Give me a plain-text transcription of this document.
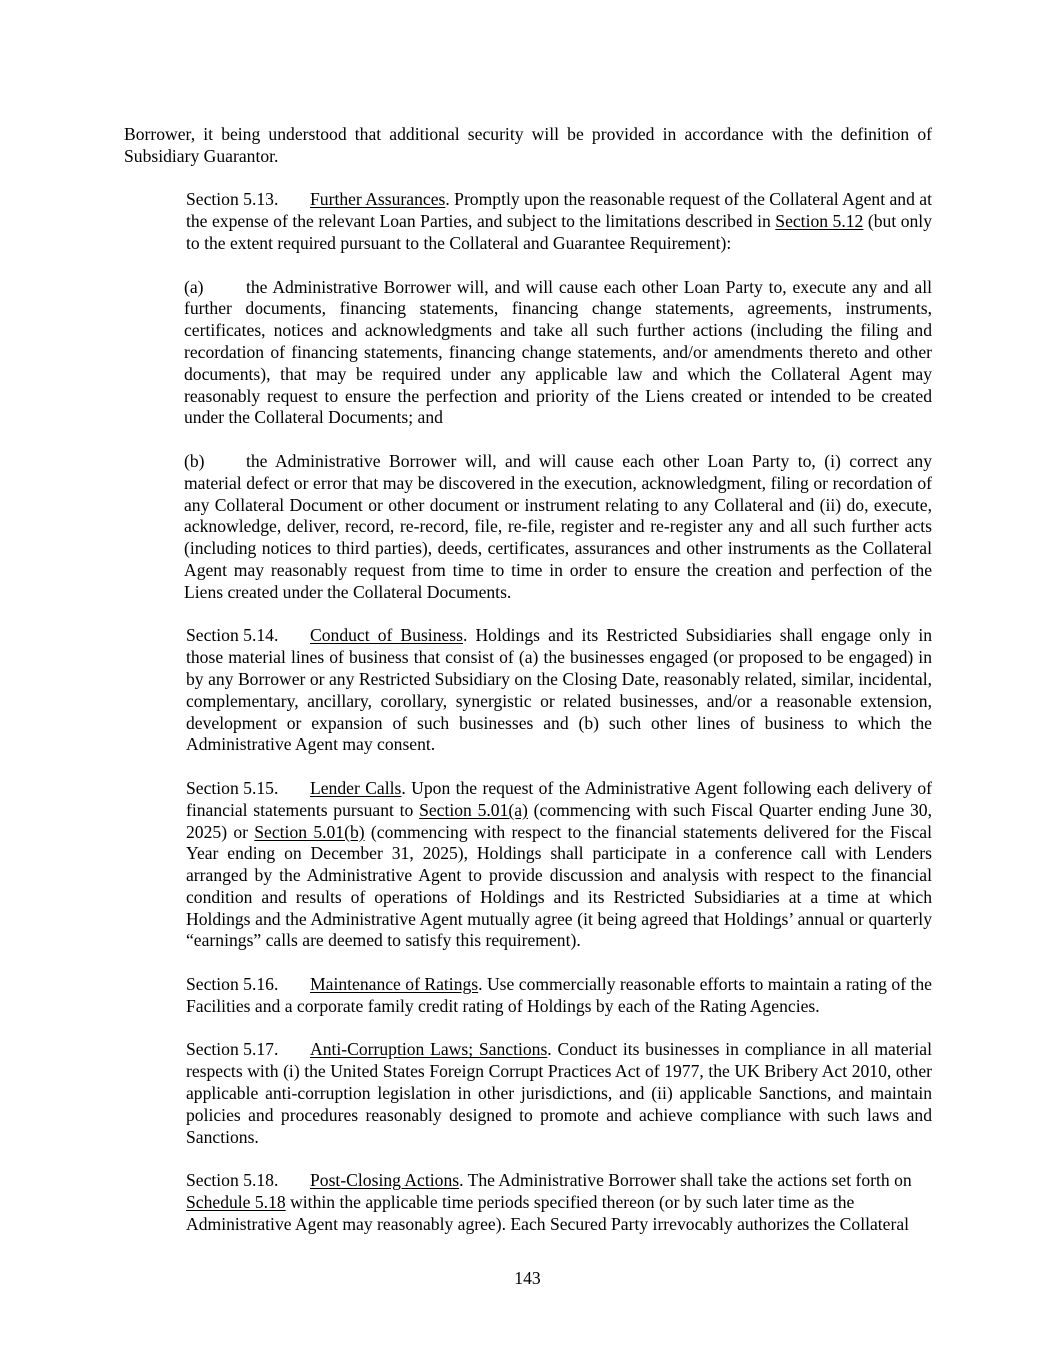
Borrower, it being understood that additional security will be provided in accordance with the definition of Subsidiary Guarantor.

Section 5.13. Further Assurances. Promptly upon the reasonable request of the Collateral Agent and at the expense of the relevant Loan Parties, and subject to the limitations described in Section 5.12 (but only to the extent required pursuant to the Collateral and Guarantee Requirement):

(a) the Administrative Borrower will, and will cause each other Loan Party to, execute any and all further documents, financing statements, financing change statements, agreements, instruments, certificates, notices and acknowledgments and take all such further actions (including the filing and recordation of financing statements, financing change statements, and/or amendments thereto and other documents), that may be required under any applicable law and which the Collateral Agent may reasonably request to ensure the perfection and priority of the Liens created or intended to be created under the Collateral Documents; and

(b) the Administrative Borrower will, and will cause each other Loan Party to, (i) correct any material defect or error that may be discovered in the execution, acknowledgment, filing or recordation of any Collateral Document or other document or instrument relating to any Collateral and (ii) do, execute, acknowledge, deliver, record, re-record, file, re-file, register and re-register any and all such further acts (including notices to third parties), deeds, certificates, assurances and other instruments as the Collateral Agent may reasonably request from time to time in order to ensure the creation and perfection of the Liens created under the Collateral Documents.

Section 5.14. Conduct of Business. Holdings and its Restricted Subsidiaries shall engage only in those material lines of business that consist of (a) the businesses engaged (or proposed to be engaged) in by any Borrower or any Restricted Subsidiary on the Closing Date, reasonably related, similar, incidental, complementary, ancillary, corollary, synergistic or related businesses, and/or a reasonable extension, development or expansion of such businesses and (b) such other lines of business to which the Administrative Agent may consent.

Section 5.15. Lender Calls. Upon the request of the Administrative Agent following each delivery of financial statements pursuant to Section 5.01(a) (commencing with such Fiscal Quarter ending June 30, 2025) or Section 5.01(b) (commencing with respect to the financial statements delivered for the Fiscal Year ending on December 31, 2025), Holdings shall participate in a conference call with Lenders arranged by the Administrative Agent to provide discussion and analysis with respect to the financial condition and results of operations of Holdings and its Restricted Subsidiaries at a time at which Holdings and the Administrative Agent mutually agree (it being agreed that Holdings’ annual or quarterly “earnings” calls are deemed to satisfy this requirement).

Section 5.16. Maintenance of Ratings. Use commercially reasonable efforts to maintain a rating of the Facilities and a corporate family credit rating of Holdings by each of the Rating Agencies.

Section 5.17. Anti-Corruption Laws; Sanctions. Conduct its businesses in compliance in all material respects with (i) the United States Foreign Corrupt Practices Act of 1977, the UK Bribery Act 2010, other applicable anti-corruption legislation in other jurisdictions, and (ii) applicable Sanctions, and maintain policies and procedures reasonably designed to promote and achieve compliance with such laws and Sanctions.

Section 5.18. Post-Closing Actions. The Administrative Borrower shall take the actions set forth on Schedule 5.18 within the applicable time periods specified thereon (or by such later time as the Administrative Agent may reasonably agree). Each Secured Party irrevocably authorizes the Collateral

143
